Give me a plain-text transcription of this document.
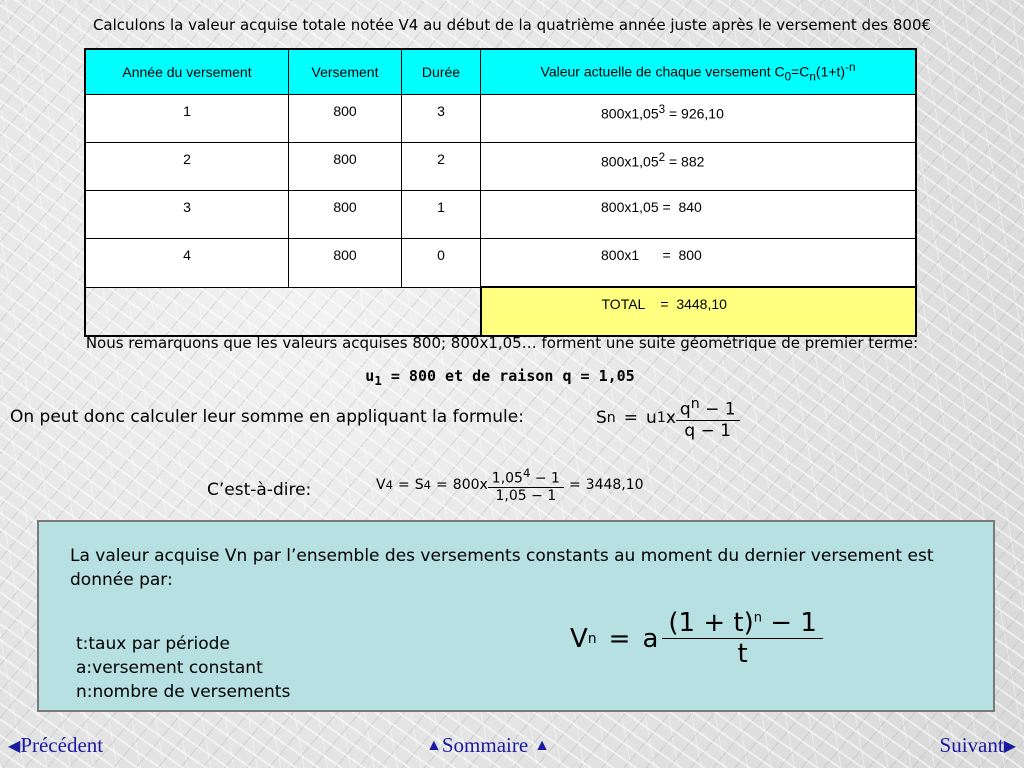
Calculons la valeur acquise totale notée V4 au début de la quatrième année juste après le versement des 800€
Année du versement	Versement	Durée	Valeur actuelle de chaque versement $C_0=C_n(1+t)^{-n}$
1	800	3	$800x1,05^3 = 926,10$
2	800	2	$800x1,05^2 = 882$
3	800	1	800x1,05 =  840
4	800	0	800x1      =  800
			TOTAL    =  3448,10
Nous remarquons que les valeurs acquises 800; 800x1,05… forment une suite géométrique de premier terme:
$u_1 = 800$ et de raison q = 1,05
On peut donc calculer leur somme en appliquant la formule:	S n = u 1 x $\frac{q^n - 1}{q - 1}$
C’est-à-dire:	V 4 = S $4 = 800x \frac{1,05^4 - 1}{1,05 - 1} = 3448,10$
La valeur acquise Vn par l’ensemble des versements constants au moment du dernier versement est donnée par:
t:taux par période
a:versement constant
n:nombre de versements
V n = a $\frac{(1 + t)^n - 1}{t}$
◀ Précédent	▲ Sommaire ▲	Suivant ▶
